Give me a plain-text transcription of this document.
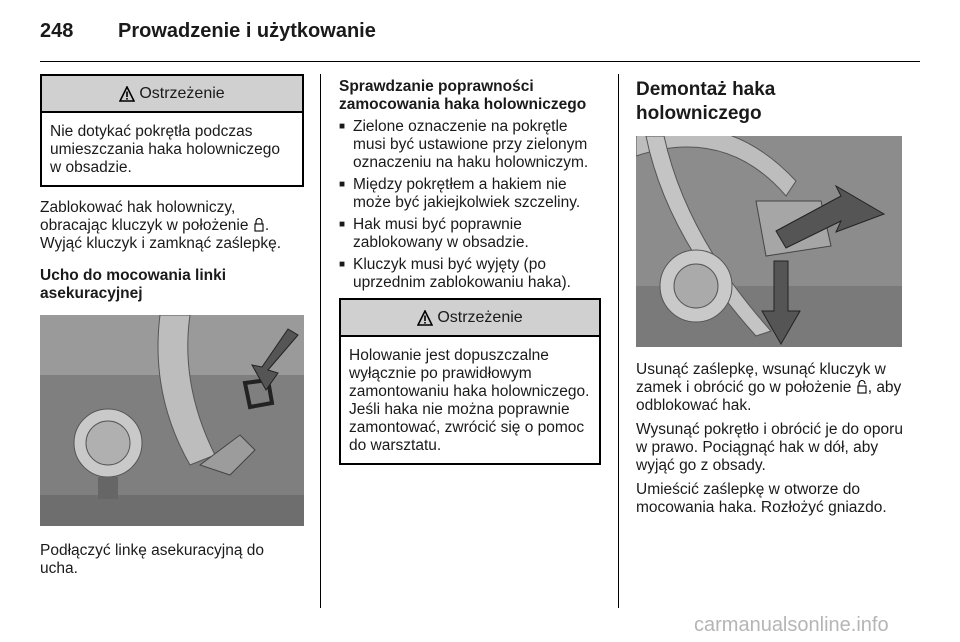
248 Prowadzenie i użytkowanie
Ostrzeżenie
Nie dotykać pokrętła podczas umieszczania haka holowniczego w obsadzie.

Zablokować hak holowniczy, obracając kluczyk w położenie .
Wyjąć kluczyk i zamknąć zaślepkę.

Ucho do mocowania linki asekuracyjnej

Podłączyć linkę asekuracyjną do ucha.

Sprawdzanie poprawności zamocowania haka holowniczego

■ Zielone oznaczenie na pokrętle musi być ustawione przy zielonym oznaczeniu na haku holowniczym.
■ Między pokrętłem a hakiem nie może być jakiejkolwiek szczeliny.
■ Hak musi być poprawnie zablokowany w obsadzie.
■ Kluczyk musi być wyjęty (po uprzednim zablokowaniu haka).
Ostrzeżenie
Holowanie jest dopuszczalne wyłącznie po prawidłowym zamontowaniu haka holowniczego. Jeśli haka nie można poprawnie zamontować, zwrócić się o pomoc do warsztatu.

Demontaż haka holowniczego

Usunąć zaślepkę, wsunąć kluczyk w zamek i obrócić go w położenie , aby odblokować hak.

Wysunąć pokrętło i obrócić je do oporu w prawo. Pociągnąć hak w dół, aby wyjąć go z obsady.

Umieścić zaślepkę w otworze do mocowania haka. Rozłożyć gniazdo.

carmanualsonline.info
